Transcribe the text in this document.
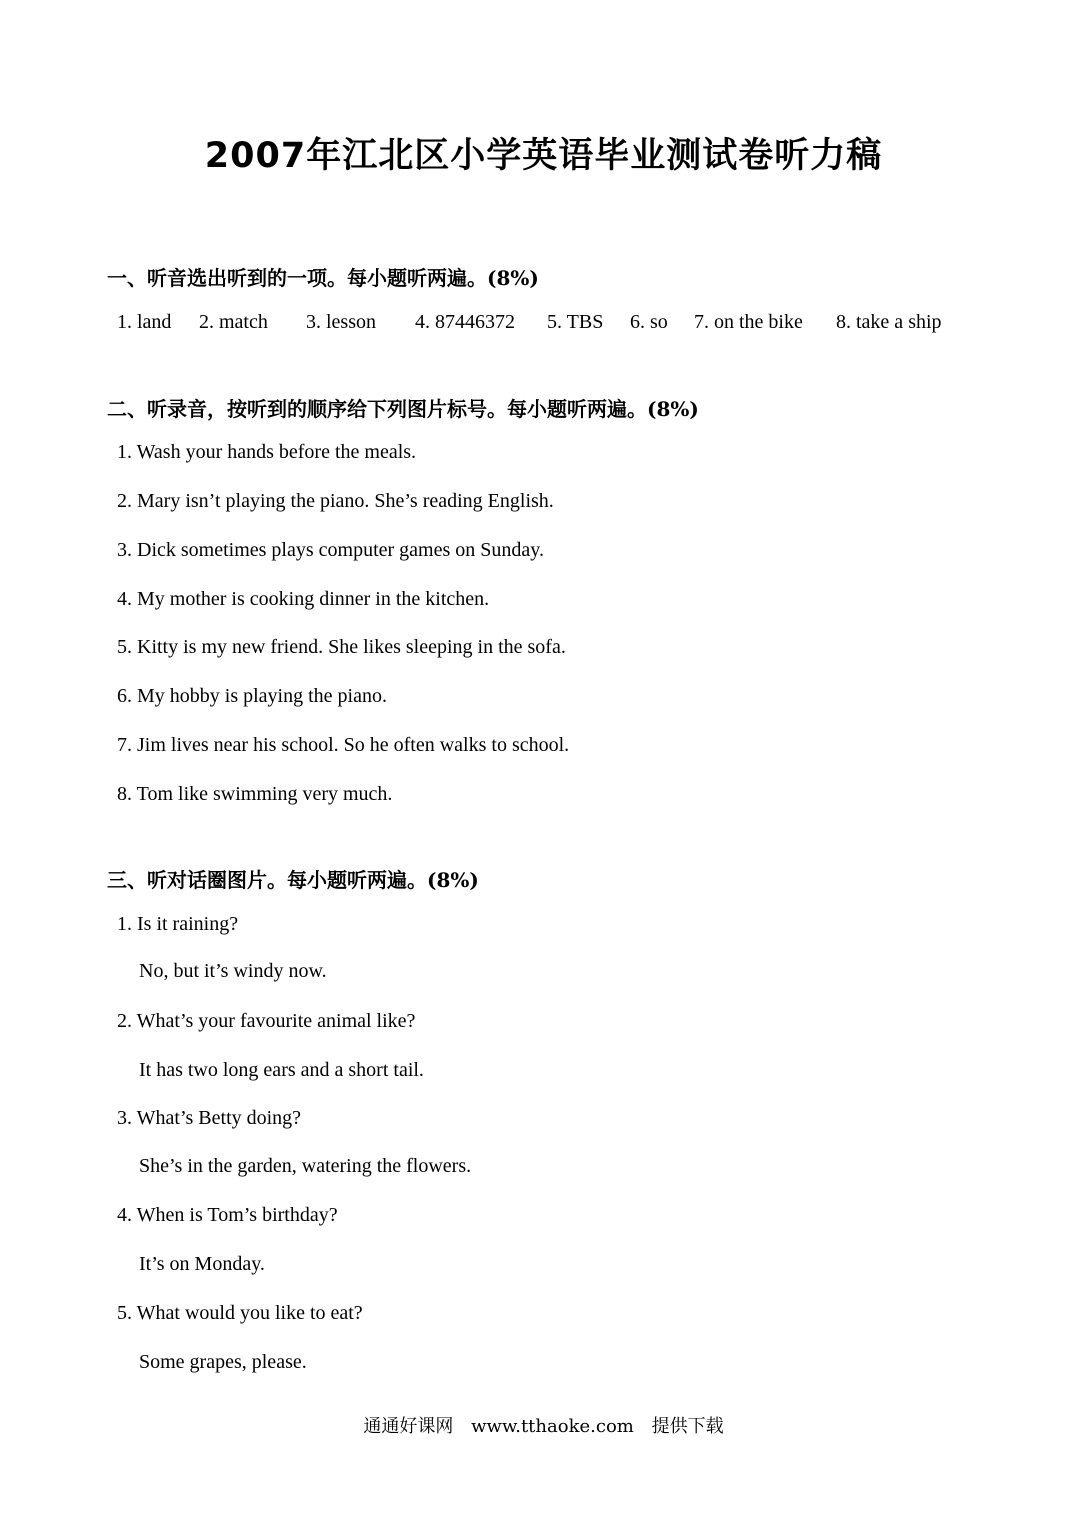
2007年江北区小学英语毕业测试卷听力稿

一、听音选出听到的一项。每小题听两遍。(8%)

1. land 2. match 3. lesson 4. 87446372 5. TBS 6. so 7. on the bike 8. take a ship

二、听录音，按听到的顺序给下列图片标号。每小题听两遍。(8%)

1. Wash your hands before the meals.

2. Mary isn’t playing the piano. She’s reading English.

3. Dick sometimes plays computer games on Sunday.

4. My mother is cooking dinner in the kitchen.

5. Kitty is my new friend. She likes sleeping in the sofa.

6. My hobby is playing the piano.

7. Jim lives near his school. So he often walks to school.

8. Tom like swimming very much.

三、听对话圈图片。每小题听两遍。(8%)

1. Is it raining?

No, but it’s windy now.

2. What’s your favourite animal like?

It has two long ears and a short tail.

3. What’s Betty doing?

She’s in the garden, watering the flowers.

4. When is Tom’s birthday?

It’s on Monday.

5. What would you like to eat?

Some grapes, please.

通通好课网 www.tthaoke.com 提供下载
